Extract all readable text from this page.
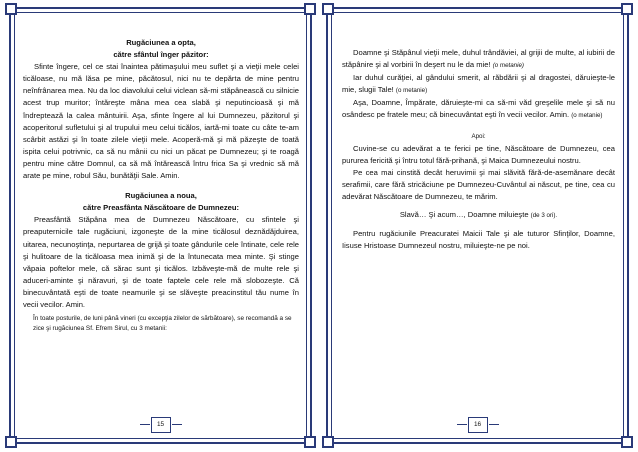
Rugăciunea a opta,

către sfântul înger păzitor:

Sfinte îngere, cel ce stai înaintea pătimaşului meu suflet şi a vieţii mele celei ticăloase, nu mă lăsa pe mine, păcătosul, nici nu te depărta de mine pentru neînfrânarea mea. Nu da loc diavolului celui viclean să-mi stăpânească cu silnicie acest trup muritor; întăreşte mâna mea cea slabă şi neputincioasă şi mă îndreptează la calea mântuirii. Aşa, sfinte îngere al lui Dumnezeu, păzitorul şi acoperitorul sufletului şi al trupului meu celui ticălos, iartă-mi toate cu câte te-am scârbit astăzi şi în toate zilele vieţii mele. Acoperă-mă şi mă păzeşte de toată ispita celui potrivnic, ca să nu mânii cu nici un păcat pe Dumnezeu; şi te roagă pentru mine către Domnul, ca să mă întărească întru frica Sa şi vrednic să mă arate pe mine, robul Său, bunătăţii Sale. Amin.

Rugăciunea a noua,

către Preasfânta Născătoare de Dumnezeu:

Preasfântă Stăpâna mea de Dumnezeu Născătoare, cu sfintele şi preaputernicile tale rugăciuni, izgoneşte de la mine ticălosul deznădăjduirea, uitarea, necunoştinţa, nepurtarea de grijă şi toate gândurile cele întinate, cele rele şi hulitoare de la ticăloasa mea inimă şi de la întunecata mea minte. Şi stinge văpaia poftelor mele, că sărac sunt şi ticălos. Izbăveşte-mă de multe rele şi aduceri-aminte şi năravuri, şi de toate faptele cele rele mă slobozeşte. Că binecuvântată eşti de toate neamurile şi se slăveşte preacinstitul tău nume în vecii vecilor. Amin.

În toate posturile, de luni până vineri (cu excepţia zilelor de sărbătoare), se recomandă a se zice şi rugăciunea Sf. Efrem Sirul, cu 3 metanii:

15

Doamne şi Stăpânul vieţii mele, duhul trândăviei, al grijii de multe, al iubirii de stăpânire şi al vorbirii în deşert nu le da mie! (o metanie)

Iar duhul curăţiei, al gândului smerit, al răbdării şi al dragostei, dăruieşte-le mie, slugii Tale! (o metanie)

Aşa, Doamne, Împărate, dăruieşte-mi ca să-mi văd greşelile mele şi să nu osândesc pe fratele meu; că binecuvântat eşti în vecii vecilor. Amin. (o metanie)

Apoi:

Cuvine-se cu adevărat a te ferici pe tine, Născătoare de Dumnezeu, cea pururea fericită şi întru totul fără-prihană, şi Maica Dumnezeului nostru.

Pe cea mai cinstită decât heruvimii şi mai slăvită fără-de-asemănare decât serafimii, care fără stricăciune pe Dumnezeu-Cuvântul ai născut, pe tine, cea cu adevărat Născătoare de Dumnezeu, te mărim.

Slavă… Şi acum…, Doamne miluieşte (de 3 ori).

Pentru rugăciunile Preacuratei Maicii Tale şi ale tuturor Sfinţilor, Doamne, Iisuse Hristoase Dumnezeul nostru, miluieşte-ne pe noi.

16
